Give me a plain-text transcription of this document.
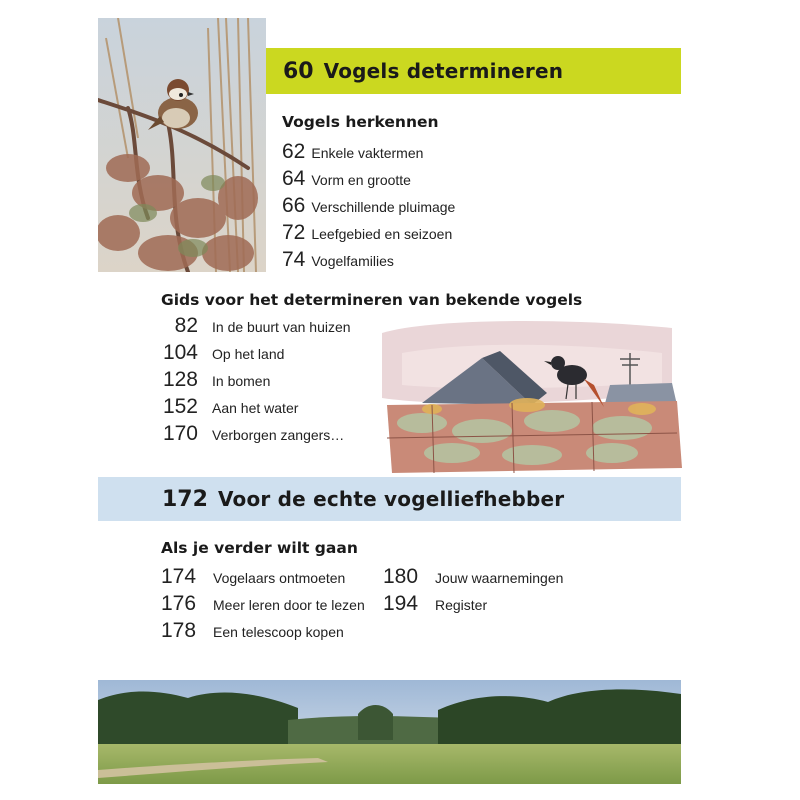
60 Vogels determineren
Vogels herkennen
62 Enkele vaktermen
64 Vorm en grootte
66 Verschillende pluimage
72 Leefgebied en seizoen
74 Vogelfamilies
Gids voor het determineren van bekende vogels
82 In de buurt van huizen
104 Op het land
128 In bomen
152 Aan het water
170 Verborgen zangers…
172 Voor de echte vogelliefhebber
Als je verder wilt gaan
174 Vogelaars ontmoeten
176 Meer leren door te lezen
178 Een telescoop kopen
180 Jouw waarnemingen
194 Register
